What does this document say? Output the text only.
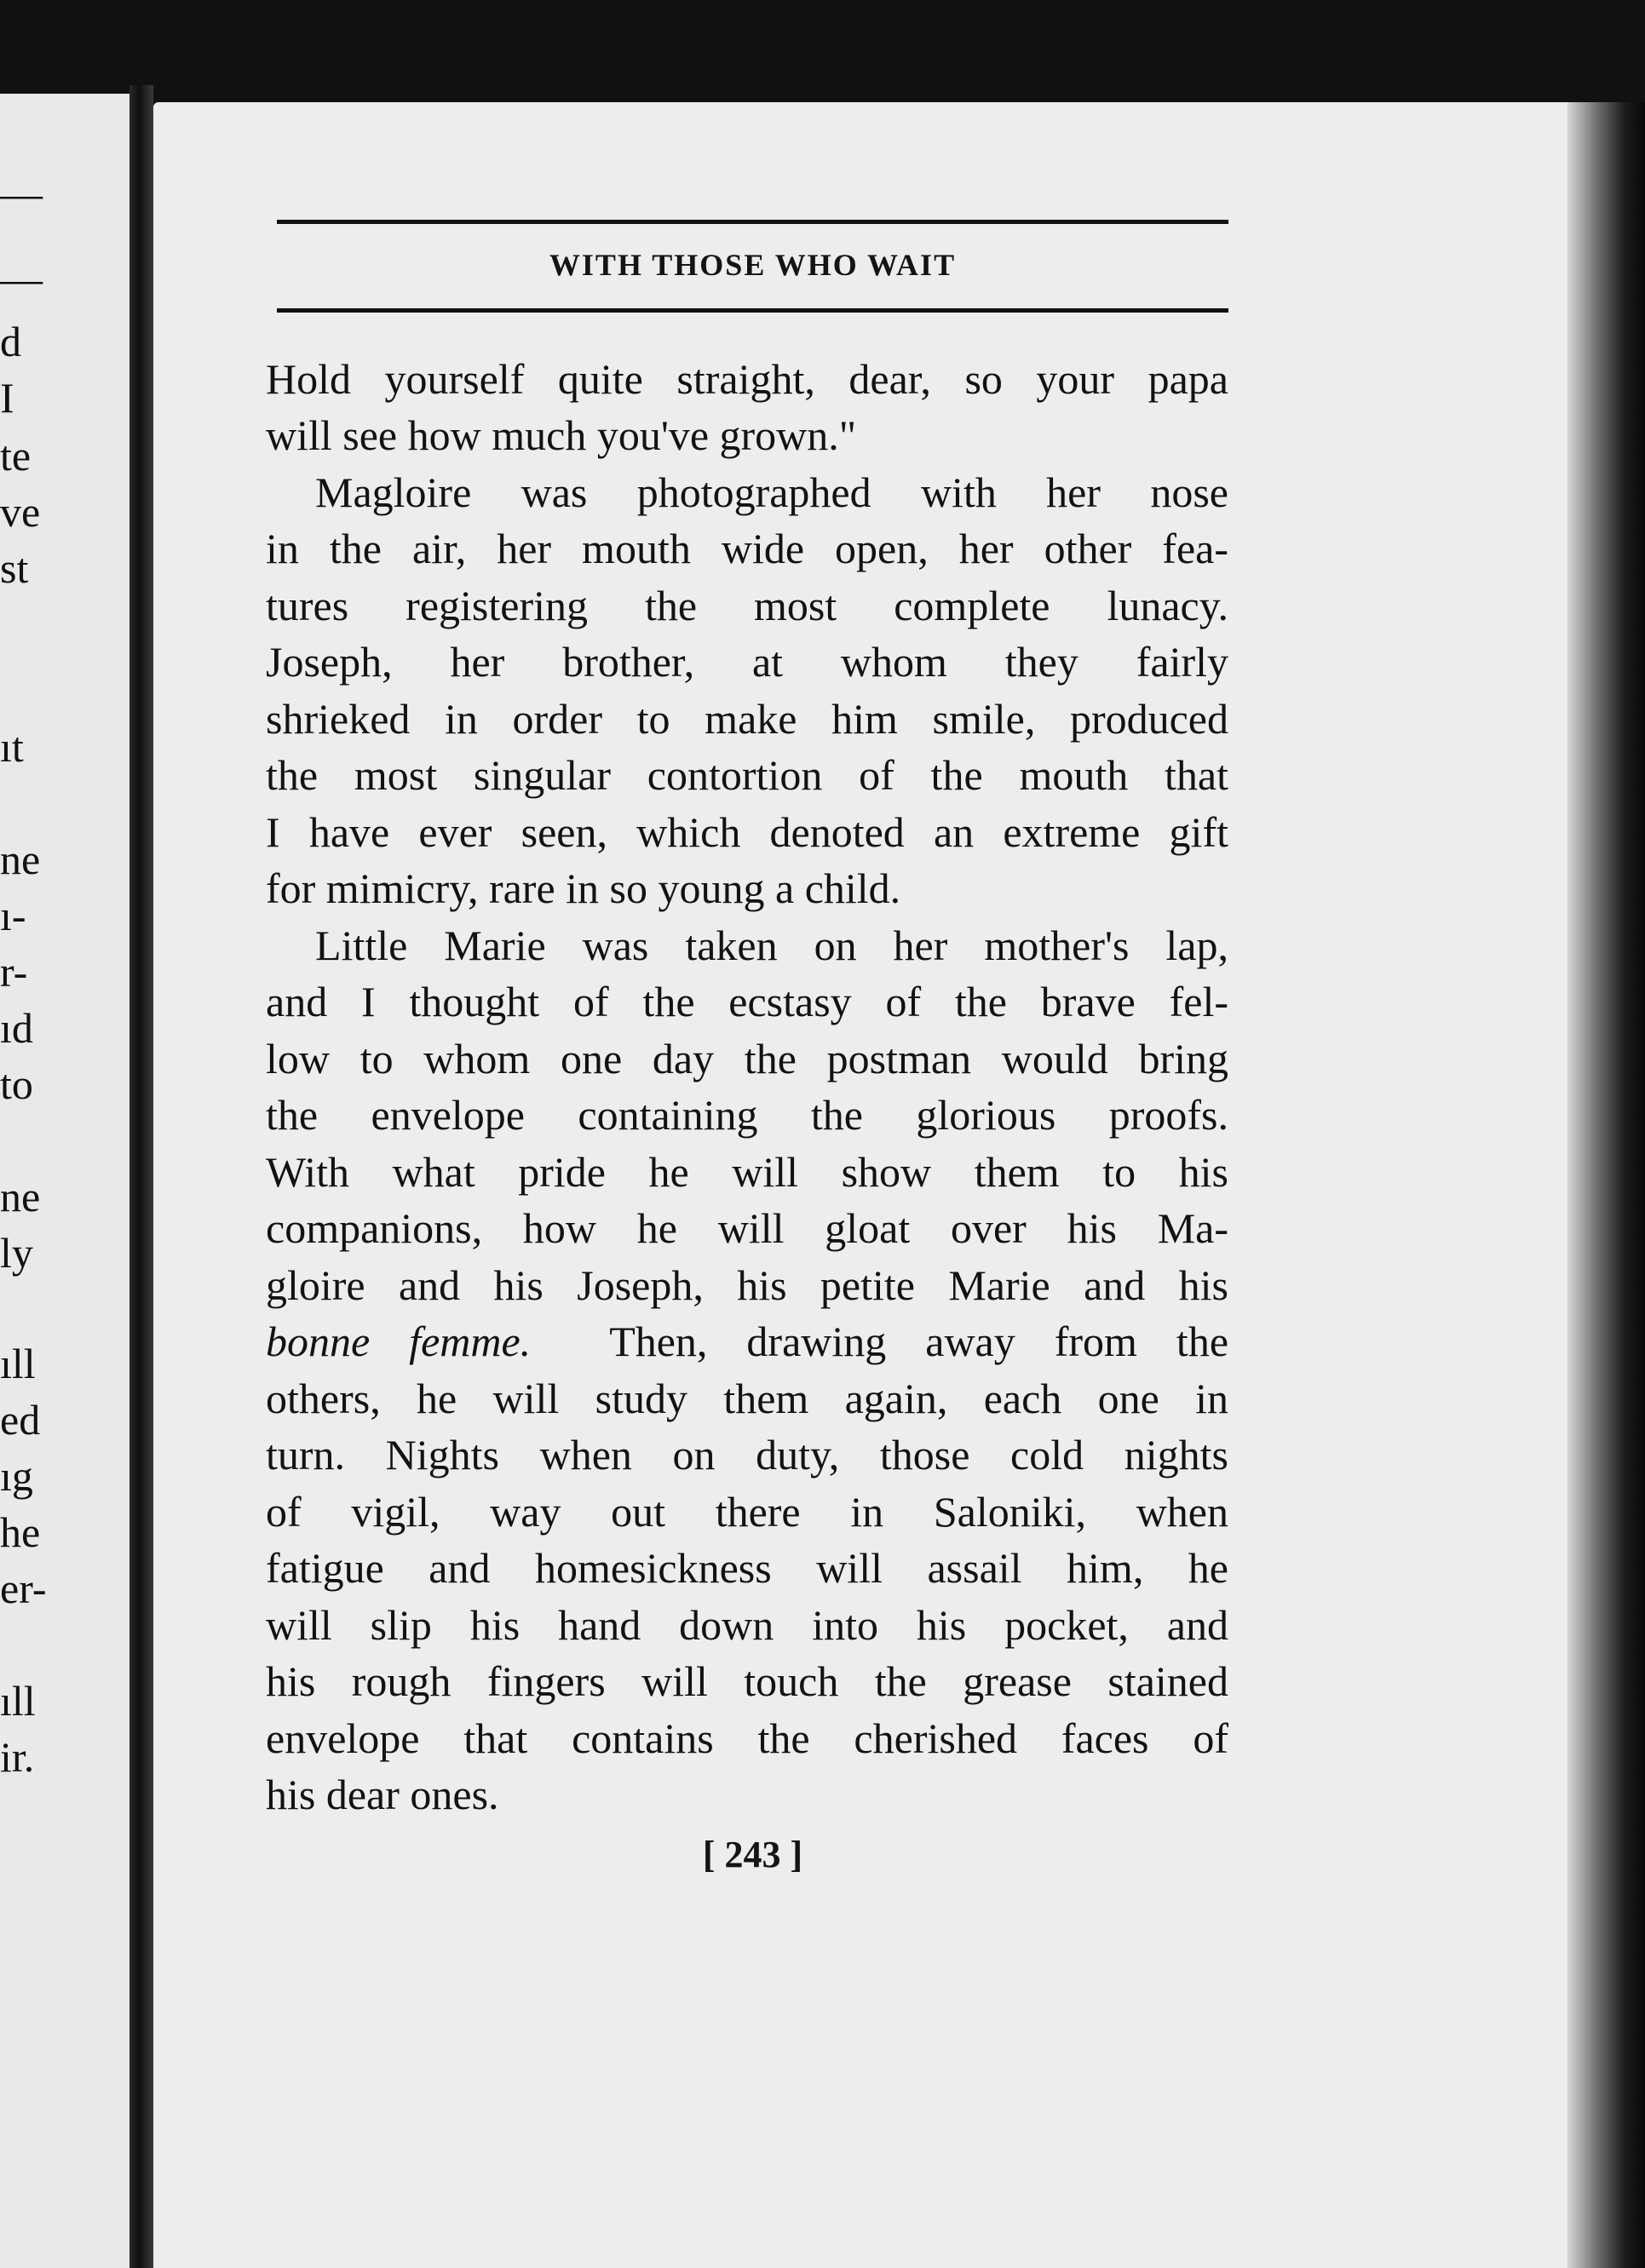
—
—
d
I
te
ve
st
ıt
ne
ı-
r-
ıd
to
ne
ly
ıll
ed
ıg
he
er-
ıll
ir.
WITH THOSE WHO WAIT
Hold yourself quite straight, dear, so your papa
will see how much you've grown."
Magloire was photographed with her nose
in the air, her mouth wide open, her other fea-
tures registering the most complete lunacy.
Joseph, her brother, at whom they fairly
shrieked in order to make him smile, produced
the most singular contortion of the mouth that
I have ever seen, which denoted an extreme gift
for mimicry, rare in so young a child.
Little Marie was taken on her mother's lap,
and I thought of the ecstasy of the brave fel-
low to whom one day the postman would bring
the envelope containing the glorious proofs.
With what pride he will show them to his
companions, how he will gloat over his Ma-
gloire and his Joseph, his petite Marie and his
bonne femme. Then, drawing away from the
others, he will study them again, each one in
turn. Nights when on duty, those cold nights
of vigil, way out there in Saloniki, when
fatigue and homesickness will assail him, he
will slip his hand down into his pocket, and
his rough fingers will touch the grease stained
envelope that contains the cherished faces of
his dear ones.
[ 243 ]
